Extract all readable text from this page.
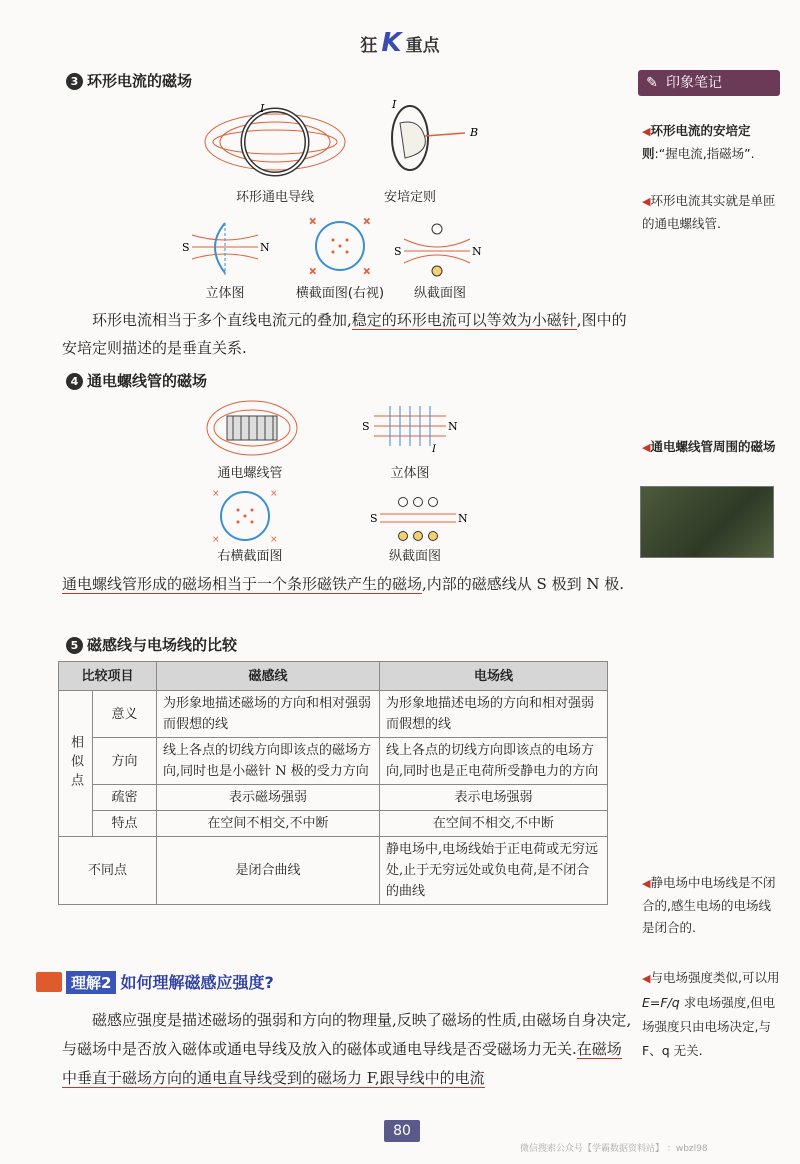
狂 K 重点
3 环形电流的磁场
I	I
B
环形通电导线	安培定则
S	N
×	×
×	×
S	N
立体图	横截面图(右视)	纵截面图
环形电流相当于多个直线电流元的叠加,稳定的环形电流可以等效为小磁针,图中的安培定则描述的是垂直关系.
4 通电螺线管的磁场
S	N
I
通电螺线管	立体图
×	×
×	×
S	N
右横截面图	纵截面图
通电螺线管形成的磁场相当于一个条形磁铁产生的磁场,内部的磁感线从 S 极到 N 极.
5 磁感线与电场线的比较
比较项目		磁感线	电场线
相似点	意义	为形象地描述磁场的方向和相对强弱而假想的线	为形象地描述电场的方向和相对强弱而假想的线
	方向	线上各点的切线方向即该点的磁场方向,同时也是小磁针 N 极的受力方向	线上各点的切线方向即该点的电场方向,同时也是正电荷所受静电力的方向
	疏密	表示磁场强弱	表示电场强弱
	特点	在空间不相交,不中断	在空间不相交,不中断
不同点		是闭合曲线	静电场中,电场线始于正电荷或无穷远处,止于无穷远处或负电荷,是不闭合的曲线
理解2 如何理解磁感应强度?
磁感应强度是描述磁场的强弱和方向的物理量,反映了磁场的性质,由磁场自身决定,与磁场中是否放入磁体或通电导线及放入的磁体或通电导线是否受磁场力无关.在磁场中垂直于磁场方向的通电直导线受到的磁场力 F,跟导线中的电流
✎ 印象笔记
◀环形电流的安培定则:“握电流,指磁场”.
◀环形电流其实就是单匝的通电螺线管.
◀通电螺线管周围的磁场
◀静电场中电场线是不闭合的,感生电场的电场线是闭合的.
◀与电场强度类似,可以用 E=F/q 求电场强度,但电场强度只由电场决定,与 F、q 无关.
80
微信搜索公众号【学霸数据资料站】 ：wbzl98
